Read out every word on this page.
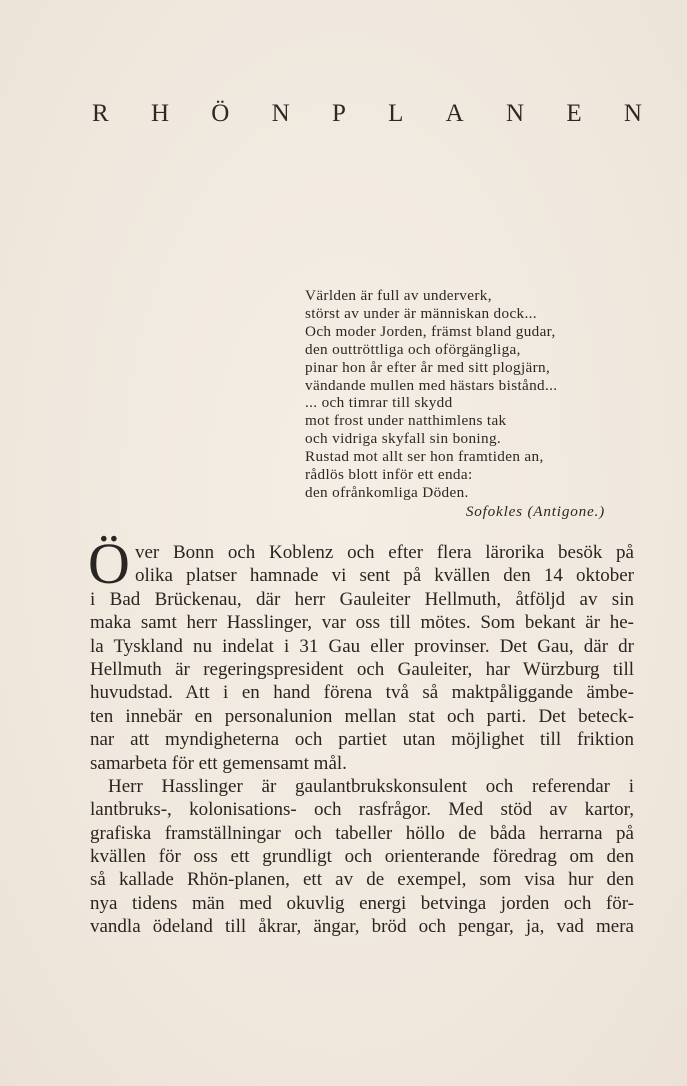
R H Ö N P L A N E N
Världen är full av underverk,
störst av under är människan dock...
Och moder Jorden, främst bland gudar,
den outtröttliga och oförgängliga,
pinar hon år efter år med sitt plogjärn,
vändande mullen med hästars bistånd...
... och timrar till skydd
mot frost under natthimlens tak
och vidriga skyfall sin boning.
Rustad mot allt ser hon framtiden an,
rådlös blott inför ett enda:
den ofrånkomliga Döden.
Sofokles (Antigone.)
Ö ver Bonn och Koblenz och efter flera lärorika besök på
olika platser hamnade vi sent på kvällen den 14 oktober
i Bad Brückenau, där herr Gauleiter Hellmuth, åtföljd av sin
maka samt herr Hasslinger, var oss till mötes. Som bekant är he-
la Tyskland nu indelat i 31 Gau eller provinser. Det Gau, där dr
Hellmuth är regeringspresident och Gauleiter, har Würzburg till
huvudstad. Att i en hand förena två så maktpåliggande ämbe-
ten innebär en personalunion mellan stat och parti. Det beteck-
nar att myndigheterna och partiet utan möjlighet till friktion
samarbeta för ett gemensamt mål.
Herr Hasslinger är gaulantbrukskonsulent och referendar i
lantbruks-, kolonisations- och rasfrågor. Med stöd av kartor,
grafiska framställningar och tabeller höllo de båda herrarna på
kvällen för oss ett grundligt och orienterande föredrag om den
så kallade Rhön-planen, ett av de exempel, som visa hur den
nya tidens män med okuvlig energi betvinga jorden och för-
vandla ödeland till åkrar, ängar, bröd och pengar, ja, vad mera
